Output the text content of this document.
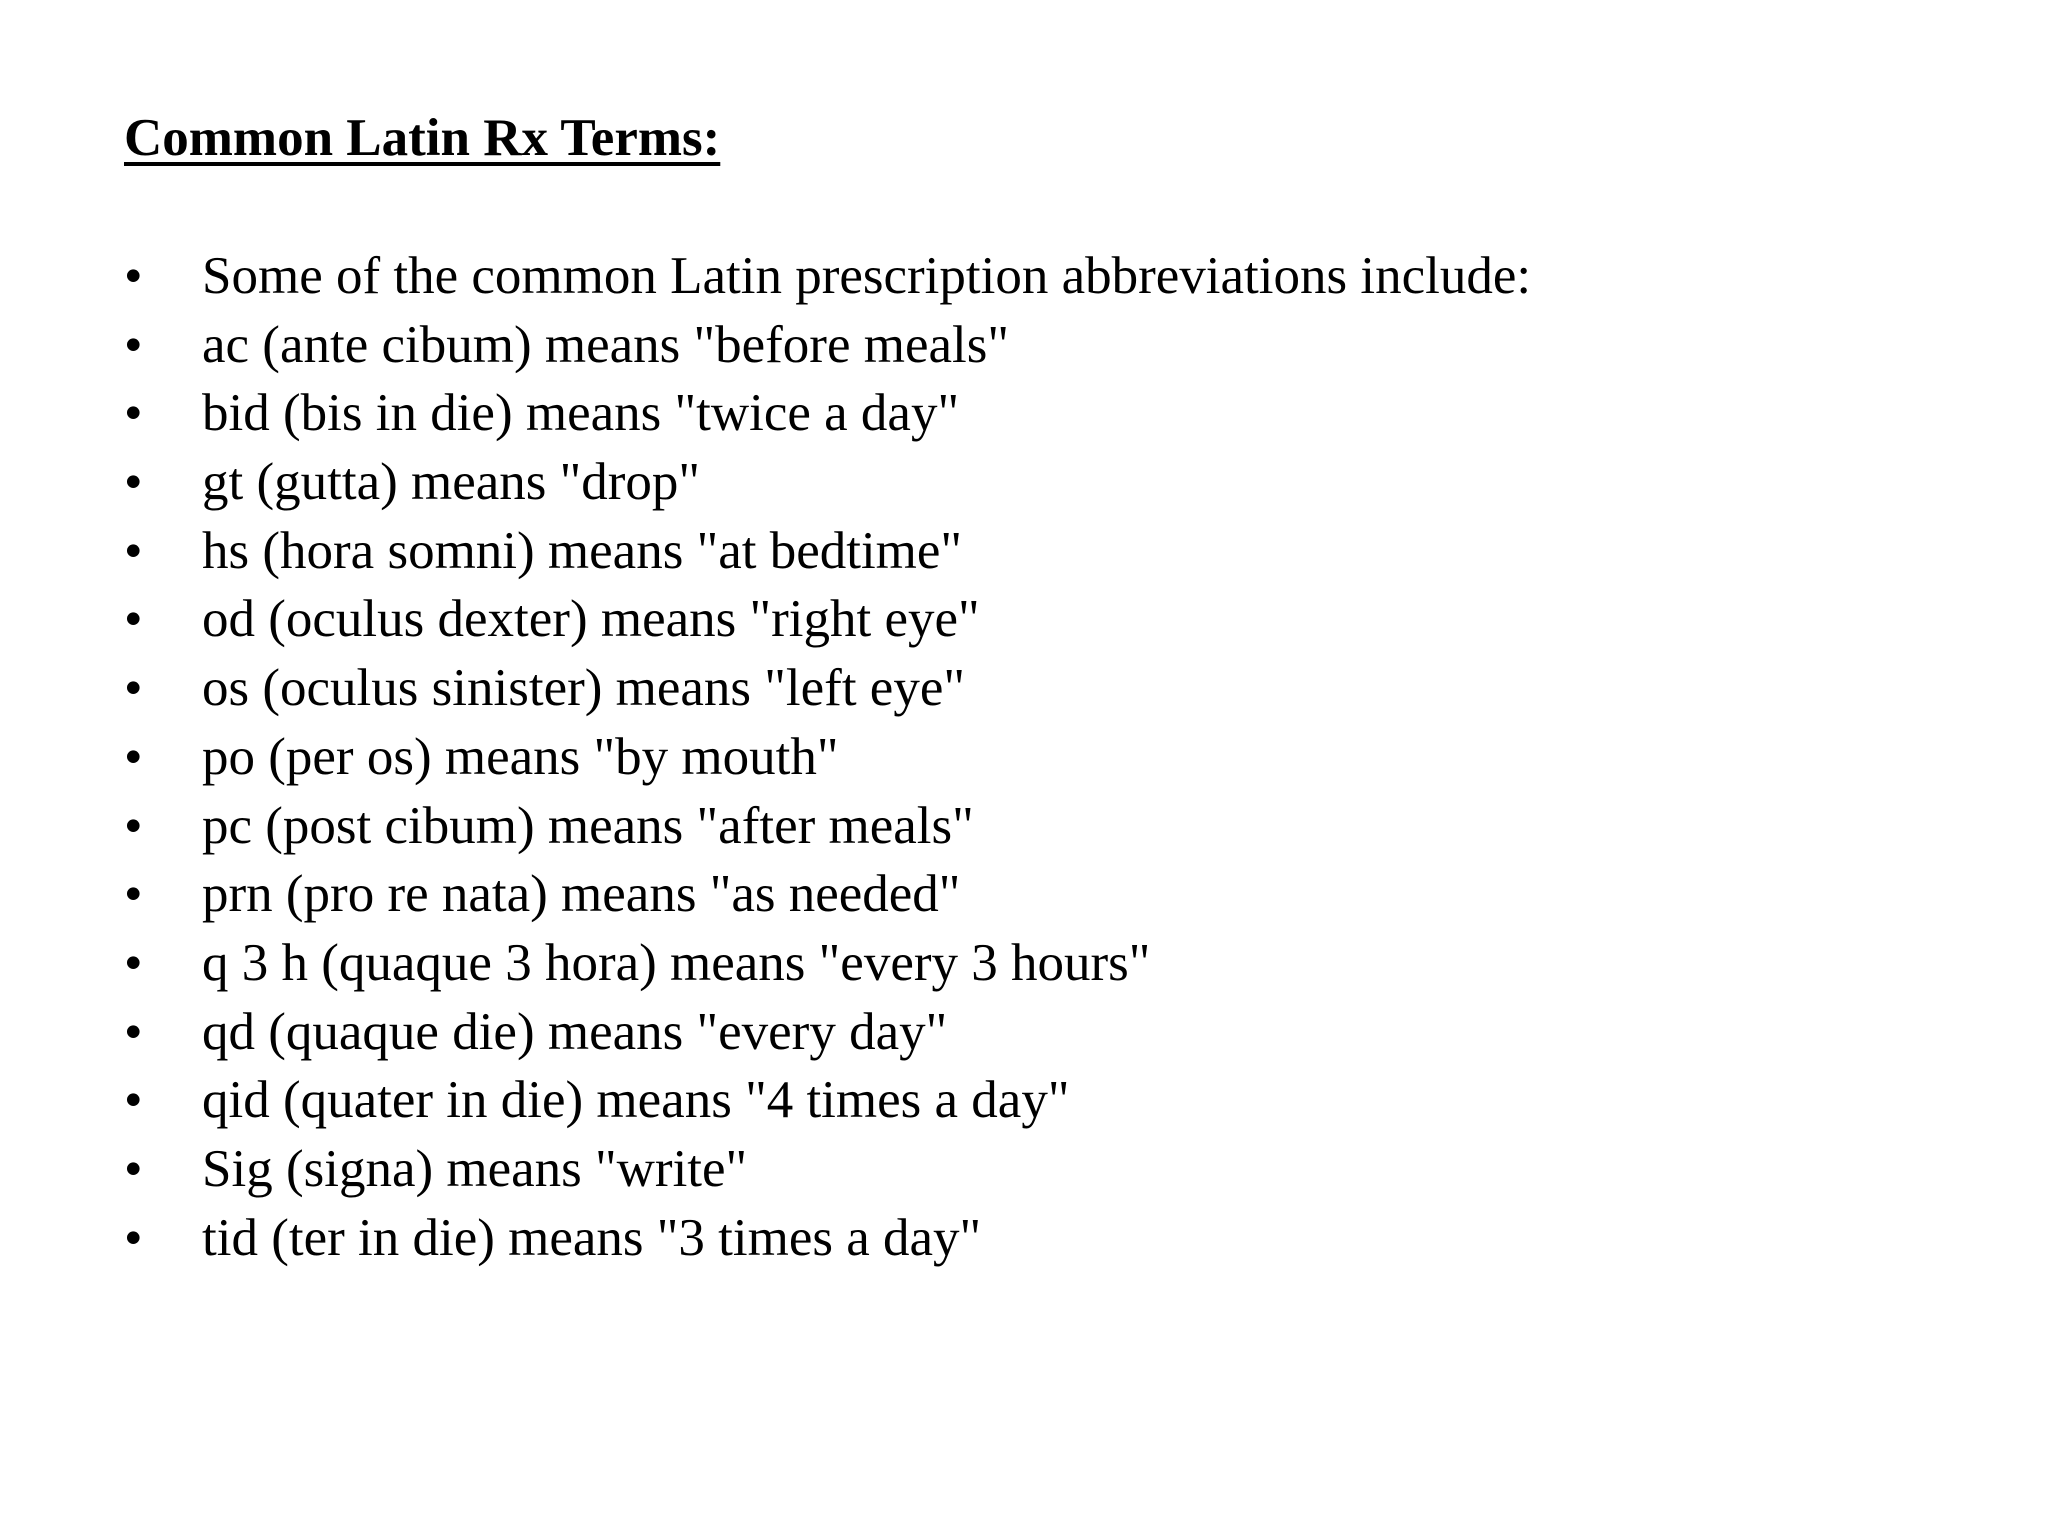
Common Latin Rx Terms:
•	Some of the common Latin prescription abbreviations include:
•	ac (ante cibum) means "before meals"
•	bid (bis in die) means "twice a day"
•	gt (gutta) means "drop"
•	hs (hora somni) means "at bedtime"
•	od (oculus dexter) means "right eye"
•	os (oculus sinister) means "left eye"
•	po (per os) means "by mouth"
•	pc (post cibum) means "after meals"
•	prn (pro re nata) means "as needed"
•	q 3 h (quaque 3 hora) means "every 3 hours"
•	qd (quaque die) means "every day"
•	qid (quater in die) means "4 times a day"
•	Sig (signa) means "write"
•	tid (ter in die) means "3 times a day"
